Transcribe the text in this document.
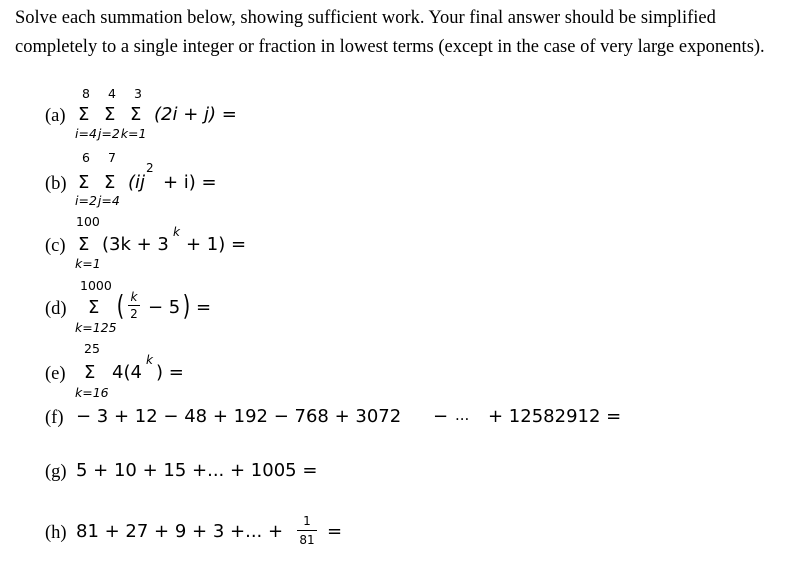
Solve each summation below, showing sufficient work. Your final answer should be simplified completely to a single integer or fraction in lowest terms (except in the case of very large exponents).
8 4 3
(a) Σ Σ Σ (2i + j) =
i=4 j=2 k=1
6 7
(b) Σ Σ (ij
2
+ i) =
i=2 j=4
100
(c) Σ (3k + 3
k
+ 1) =
k=1
1000
(d) Σ ( k
2 − 5 ) =
k=125
25
(e) Σ 4(4
k
) =
k=16
(f) − 3 + 12 − 48 + 192 − 768 + 3072 − ... + 12582912 =
(g) 5 + 10 + 15 +... + 1005 =
(h) 81 + 27 + 9 + 3 +... +	1
81 =
